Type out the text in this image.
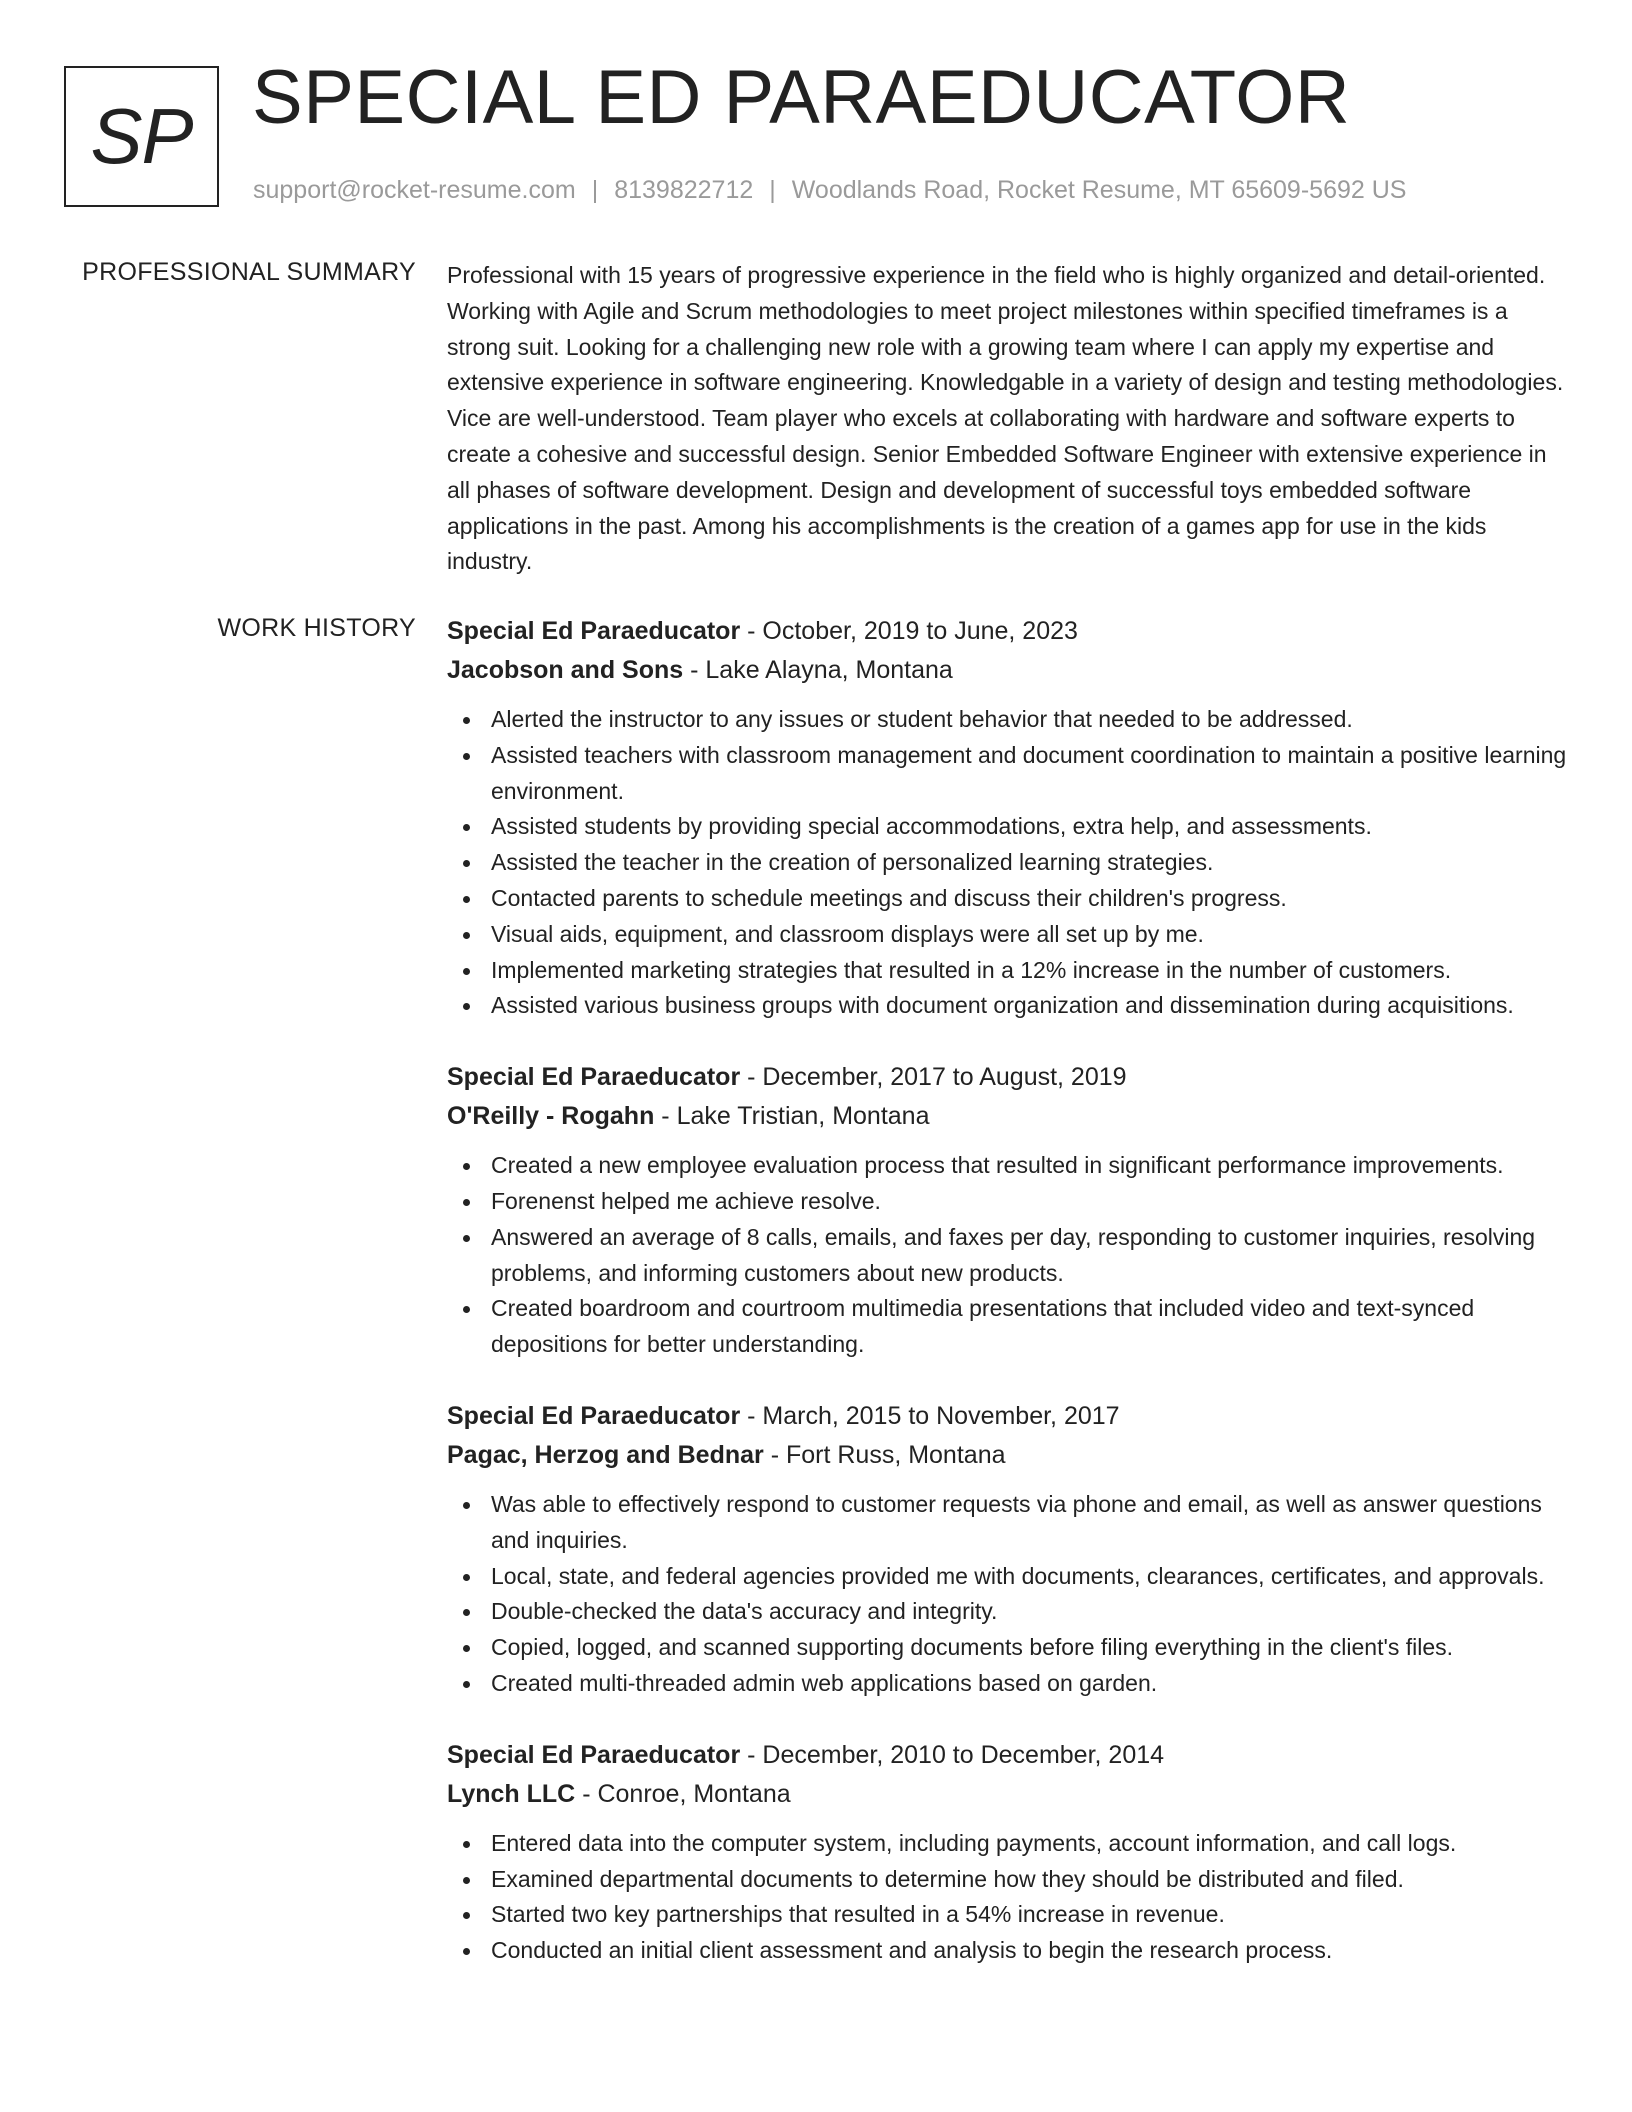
SP SPECIAL ED PARAEDUCATOR
support@rocket-resume.com | 8139822712 | Woodlands Road, Rocket Resume, MT 65609-5692 US
PROFESSIONAL SUMMARY Professional with 15 years of progressive experience in the field who is highly organized and detail-oriented. Working with Agile and Scrum methodologies to meet project milestones within specified timeframes is a strong suit. Looking for a challenging new role with a growing team where I can apply my expertise and extensive experience in software engineering. Knowledgable in a variety of design and testing methodologies. Vice are well-understood. Team player who excels at collaborating with hardware and software experts to create a cohesive and successful design. Senior Embedded Software Engineer with extensive experience in all phases of software development. Design and development of successful toys embedded software applications in the past. Among his accomplishments is the creation of a games app for use in the kids industry.

WORK HISTORY Special Ed Paraeducator - October, 2019 to June, 2023
Jacobson and Sons - Lake Alayna, Montana
Alerted the instructor to any issues or student behavior that needed to be addressed.
Assisted teachers with classroom management and document coordination to maintain a positive learning environment.
Assisted students by providing special accommodations, extra help, and assessments.
Assisted the teacher in the creation of personalized learning strategies.
Contacted parents to schedule meetings and discuss their children's progress.
Visual aids, equipment, and classroom displays were all set up by me.
Implemented marketing strategies that resulted in a 12% increase in the number of customers.
Assisted various business groups with document organization and dissemination during acquisitions.
Special Ed Paraeducator - December, 2017 to August, 2019
O'Reilly - Rogahn - Lake Tristian, Montana
Created a new employee evaluation process that resulted in significant performance improvements.
Forenenst helped me achieve resolve.
Answered an average of 8 calls, emails, and faxes per day, responding to customer inquiries, resolving problems, and informing customers about new products.
Created boardroom and courtroom multimedia presentations that included video and text-synced depositions for better understanding.
Special Ed Paraeducator - March, 2015 to November, 2017
Pagac, Herzog and Bednar - Fort Russ, Montana
Was able to effectively respond to customer requests via phone and email, as well as answer questions and inquiries.
Local, state, and federal agencies provided me with documents, clearances, certificates, and approvals.
Double-checked the data's accuracy and integrity.
Copied, logged, and scanned supporting documents before filing everything in the client's files.
Created multi-threaded admin web applications based on garden.
Special Ed Paraeducator - December, 2010 to December, 2014
Lynch LLC - Conroe, Montana
Entered data into the computer system, including payments, account information, and call logs.
Examined departmental documents to determine how they should be distributed and filed.
Started two key partnerships that resulted in a 54% increase in revenue.
Conducted an initial client assessment and analysis to begin the research process.
